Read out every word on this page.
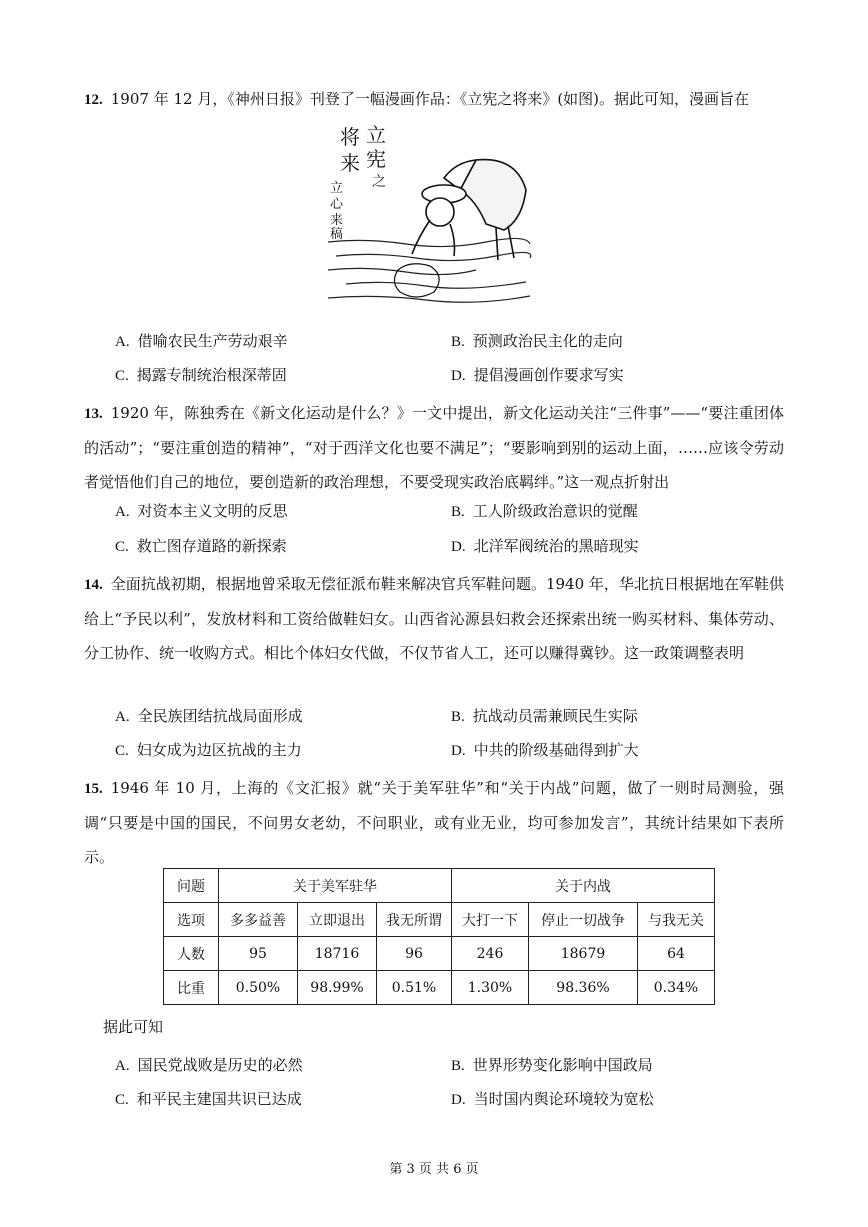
12. 1907 年 12 月，《神州日报》刊登了一幅漫画作品：《立宪之将来》(如图)。据此可知，漫画旨在
立
宪
之
将
来
立
心
来
稿
A. 借喻农民生产劳动艰辛	B. 预测政治民主化的走向
C. 揭露专制统治根深蒂固	D. 提倡漫画创作要求写实
13. 1920 年，陈独秀在《新文化运动是什么？》一文中提出，新文化运动关注“三件事”——“要注重团体的活动”；“要注重创造的精神”，“对于西洋文化也要不满足”；“要影响到别的运动上面，……应该令劳动者觉悟他们自己的地位，要创造新的政治理想，不要受现实政治底羁绊。”这一观点折射出
A. 对资本主义文明的反思	B. 工人阶级政治意识的觉醒
C. 救亡图存道路的新探索	D. 北洋军阀统治的黑暗现实
14. 全面抗战初期，根据地曾采取无偿征派布鞋来解决官兵军鞋问题。1940 年，华北抗日根据地在军鞋供给上“予民以利”，发放材料和工资给做鞋妇女。山西省沁源县妇救会还探索出统一购买材料、集体劳动、分工协作、统一收购方式。相比个体妇女代做，不仅节省人工，还可以赚得冀钞。这一政策调整表明
A. 全民族团结抗战局面形成	B. 抗战动员需兼顾民生实际
C. 妇女成为边区抗战的主力	D. 中共的阶级基础得到扩大
15. 1946 年 10 月，上海的《文汇报》就“关于美军驻华”和“关于内战”问题，做了一则时局测验，强调“只要是中国的国民，不问男女老幼，不问职业，或有业无业，均可参加发言”，其统计结果如下表所示。
问题	关于美军驻华			关于内战		
选项	多多益善	立即退出	我无所谓	大打一下	停止一切战争	与我无关
人数	95	18716	96	246	18679	64
比重	0.50%	98.99%	0.51%	1.30%	98.36%	0.34%
据此可知
A. 国民党战败是历史的必然	B. 世界形势变化影响中国政局
C. 和平民主建国共识已达成	D. 当时国内舆论环境较为宽松
第 3 页 共 6 页
